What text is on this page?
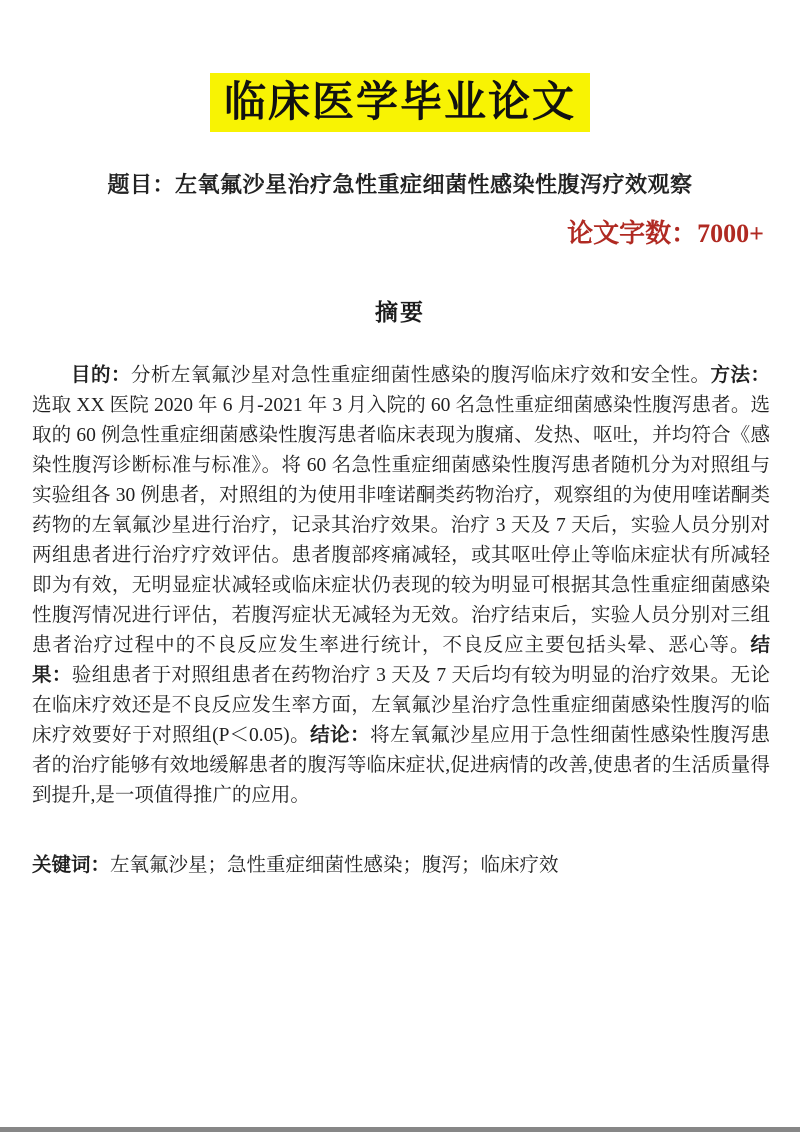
临床医学毕业论文
题目：左氧氟沙星治疗急性重症细菌性感染性腹泻疗效观察
论文字数：7000+
摘要

目的：分析左氧氟沙星对急性重症细菌性感染的腹泻临床疗效和安全性。方法：选取 XX 医院 2020 年 6 月-2021 年 3 月入院的 60 名急性重症细菌感染性腹泻患者。选取的 60 例急性重症细菌感染性腹泻患者临床表现为腹痛、发热、呕吐，并均符合《感染性腹泻诊断标准与标准》。将 60 名急性重症细菌感染性腹泻患者随机分为对照组与实验组各 30 例患者，对照组的为使用非喹诺酮类药物治疗，观察组的为使用喹诺酮类药物的左氧氟沙星进行治疗，记录其治疗效果。治疗 3 天及 7 天后，实验人员分别对两组患者进行治疗疗效评估。患者腹部疼痛减轻，或其呕吐停止等临床症状有所减轻即为有效，无明显症状减轻或临床症状仍表现的较为明显可根据其急性重症细菌感染性腹泻情况进行评估，若腹泻症状无减轻为无效。治疗结束后，实验人员分别对三组患者治疗过程中的不良反应发生率进行统计，不良反应主要包括头晕、恶心等。结果：验组患者于对照组患者在药物治疗 3 天及 7 天后均有较为明显的治疗效果。无论在临床疗效还是不良反应发生率方面，左氧氟沙星治疗急性重症细菌感染性腹泻的临床疗效要好于对照组(P＜0.05)。结论：将左氧氟沙星应用于急性细菌性感染性腹泻患者的治疗能够有效地缓解患者的腹泻等临床症状,促进病情的改善,使患者的生活质量得到提升,是一项值得推广的应用。

关键词：左氧氟沙星；急性重症细菌性感染；腹泻；临床疗效
